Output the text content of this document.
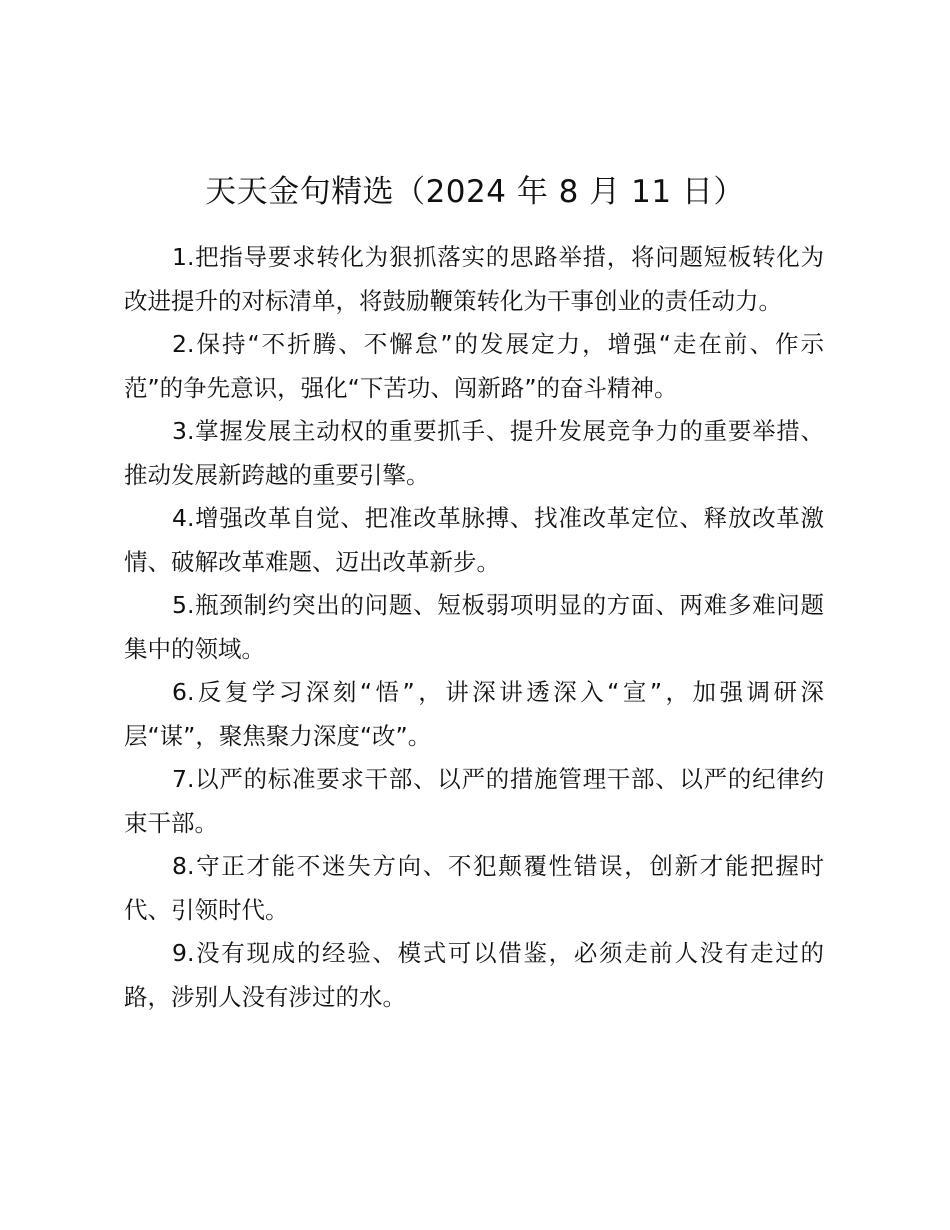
天天金句精选（2024 年 8 月 11 日）

1.把指导要求转化为狠抓落实的思路举措，将问题短板转化为改进提升的对标清单，将鼓励鞭策转化为干事创业的责任动力。

2.保持“不折腾、不懈怠”的发展定力，增强“走在前、作示范”的争先意识，强化“下苦功、闯新路”的奋斗精神。

3.掌握发展主动权的重要抓手、提升发展竞争力的重要举措、推动发展新跨越的重要引擎。

4.增强改革自觉、把准改革脉搏、找准改革定位、释放改革激情、破解改革难题、迈出改革新步。

5.瓶颈制约突出的问题、短板弱项明显的方面、两难多难问题集中的领域。

6.反复学习深刻“悟”，讲深讲透深入“宣”，加强调研深层“谋”，聚焦聚力深度“改”。

7.以严的标准要求干部、以严的措施管理干部、以严的纪律约束干部。

8.守正才能不迷失方向、不犯颠覆性错误，创新才能把握时代、引领时代。

9.没有现成的经验、模式可以借鉴，必须走前人没有走过的路，涉别人没有涉过的水。
